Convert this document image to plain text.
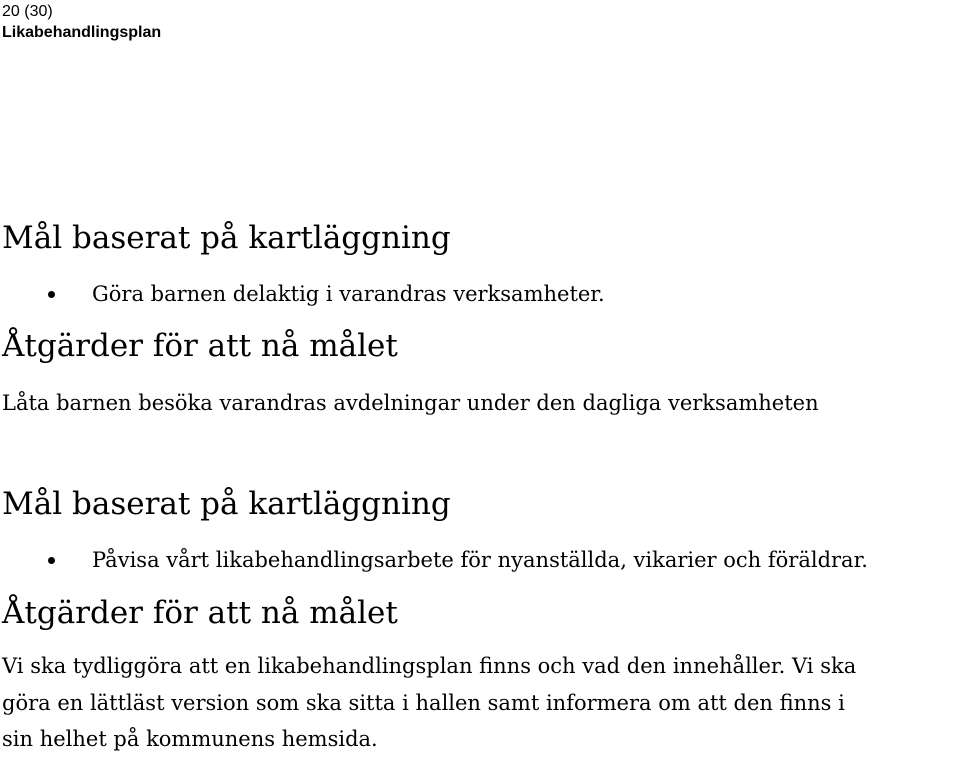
20 (30)
Likabehandlingsplan
Mål baserat på kartläggning
Göra barnen delaktig i varandras verksamheter.
Åtgärder för att nå målet
Låta barnen besöka varandras avdelningar under den dagliga verksamheten
Mål baserat på kartläggning
Påvisa vårt likabehandlingsarbete för nyanställda, vikarier och föräldrar.
Åtgärder för att nå målet
Vi ska tydliggöra att en likabehandlingsplan finns och vad den innehåller. Vi ska
göra en lättläst version som ska sitta i hallen samt informera om att den finns i
sin helhet på kommunens hemsida.
